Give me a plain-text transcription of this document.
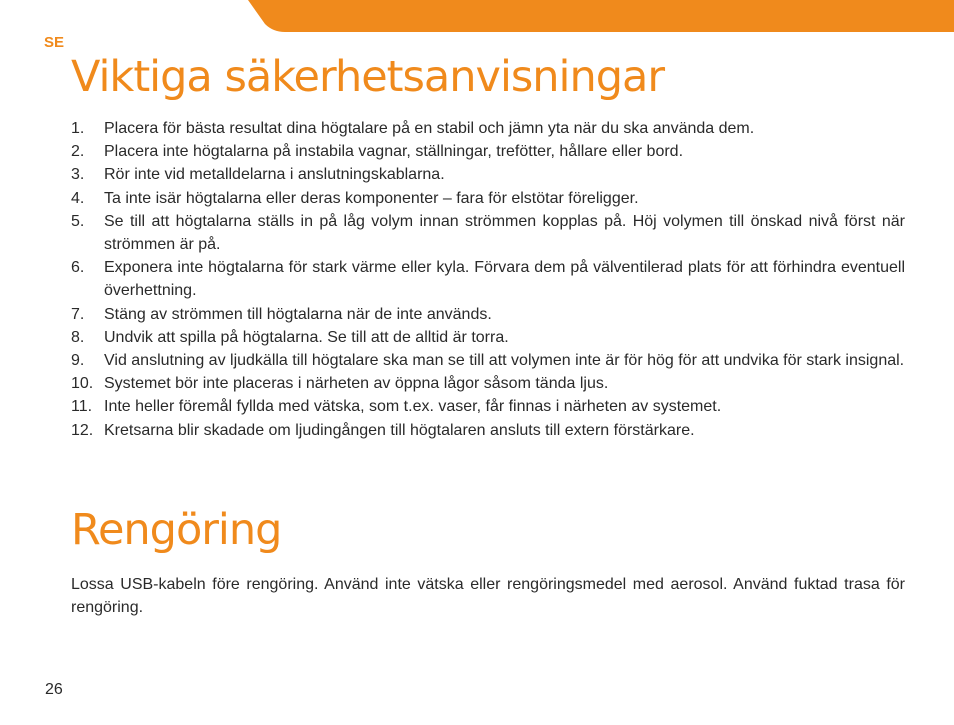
SE
Viktiga säkerhetsanvisningar
1.	Placera för bästa resultat dina högtalare på en stabil och jämn yta när du ska använda dem.
2.	Placera inte högtalarna på instabila vagnar, ställningar, trefötter, hållare eller bord.
3.	Rör inte vid metalldelarna i anslutningskablarna.
4.	Ta inte isär högtalarna eller deras komponenter – fara för elstötar föreligger.
5.	Se till att högtalarna ställs in på låg volym innan strömmen kopplas på. Höj volymen till önskad nivå först när strömmen är på.
6.	Exponera inte högtalarna för stark värme eller kyla. Förvara dem på välventilerad plats för att förhindra eventuell överhettning.
7.	Stäng av strömmen till högtalarna när de inte används.
8.	Undvik att spilla på högtalarna. Se till att de alltid är torra.
9.	Vid anslutning av ljudkälla till högtalare ska man se till att volymen inte är för hög för att undvika för stark insignal.
10. Systemet bör inte placeras i närheten av öppna lågor såsom tända ljus.
11. Inte heller föremål fyllda med vätska, som t.ex. vaser, får finnas i närheten av systemet.
12. Kretsarna blir skadade om ljudingången till högtalaren ansluts till extern förstärkare.
Rengöring

Lossa USB-kabeln före rengöring. Använd inte vätska eller rengöringsmedel med aerosol. Använd fuktad trasa för rengöring.

26
